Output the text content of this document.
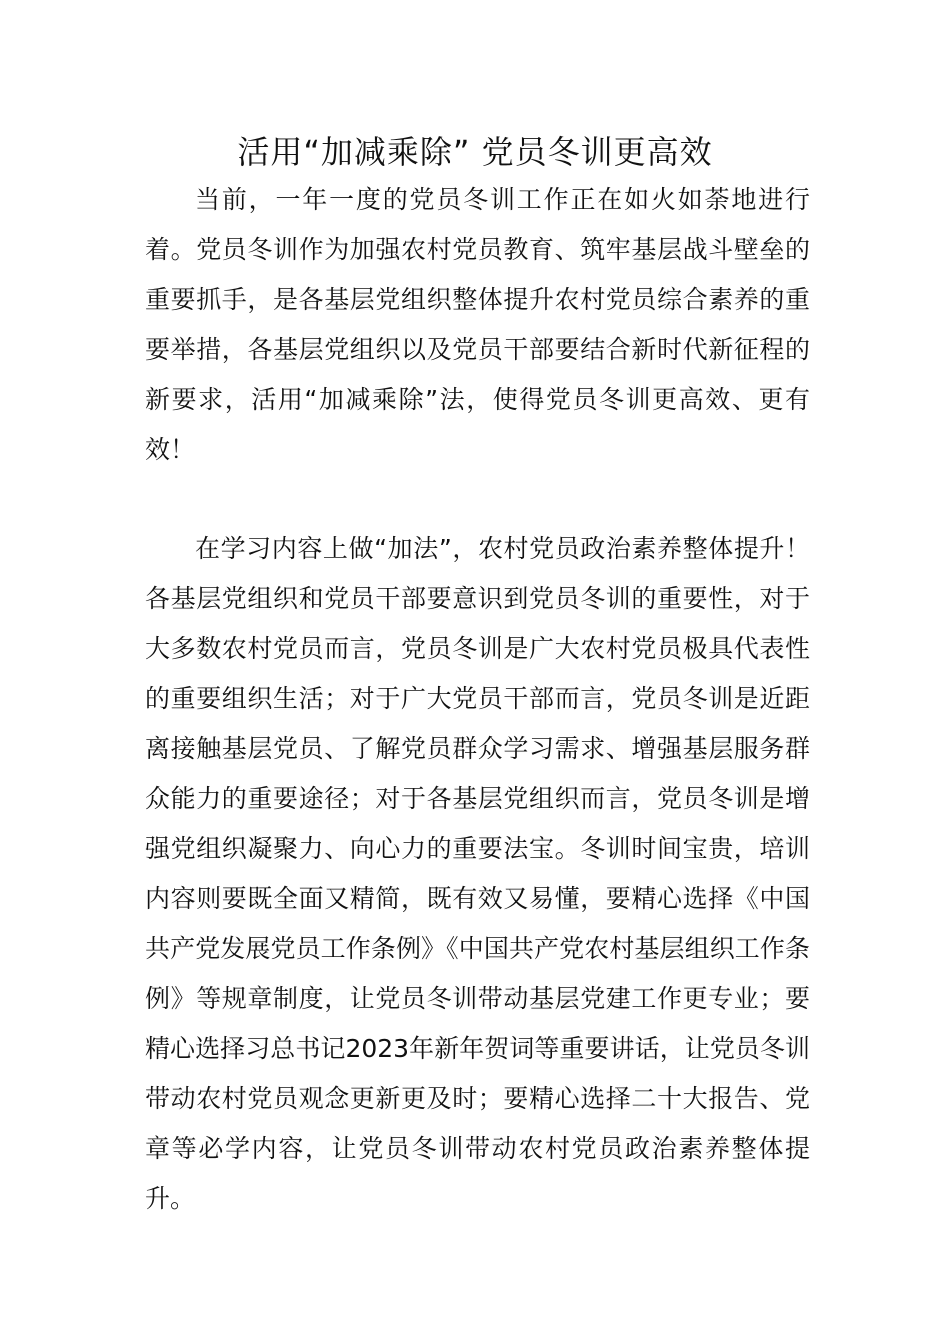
活用“加减乘除” 党员冬训更高效

当前，一年一度的党员冬训工作正在如火如荼地进行着。党员冬训作为加强农村党员教育、筑牢基层战斗壁垒的重要抓手，是各基层党组织整体提升农村党员综合素养的重要举措，各基层党组织以及党员干部要结合新时代新征程的新要求，活用“加减乘除”法，使得党员冬训更高效、更有效！

在学习内容上做“加法”，农村党员政治素养整体提升！各基层党组织和党员干部要意识到党员冬训的重要性，对于大多数农村党员而言，党员冬训是广大农村党员极具代表性的重要组织生活；对于广大党员干部而言，党员冬训是近距离接触基层党员、了解党员群众学习需求、增强基层服务群众能力的重要途径；对于各基层党组织而言，党员冬训是增强党组织凝聚力、向心力的重要法宝。冬训时间宝贵，培训内容则要既全面又精简，既有效又易懂，要精心选择《中国共产党发展党员工作条例》《中国共产党农村基层组织工作条例》等规章制度，让党员冬训带动基层党建工作更专业；要精心选择习总书记2023年新年贺词等重要讲话，让党员冬训带动农村党员观念更新更及时；要精心选择二十大报告、党章等必学内容，让党员冬训带动农村党员政治素养整体提升。
